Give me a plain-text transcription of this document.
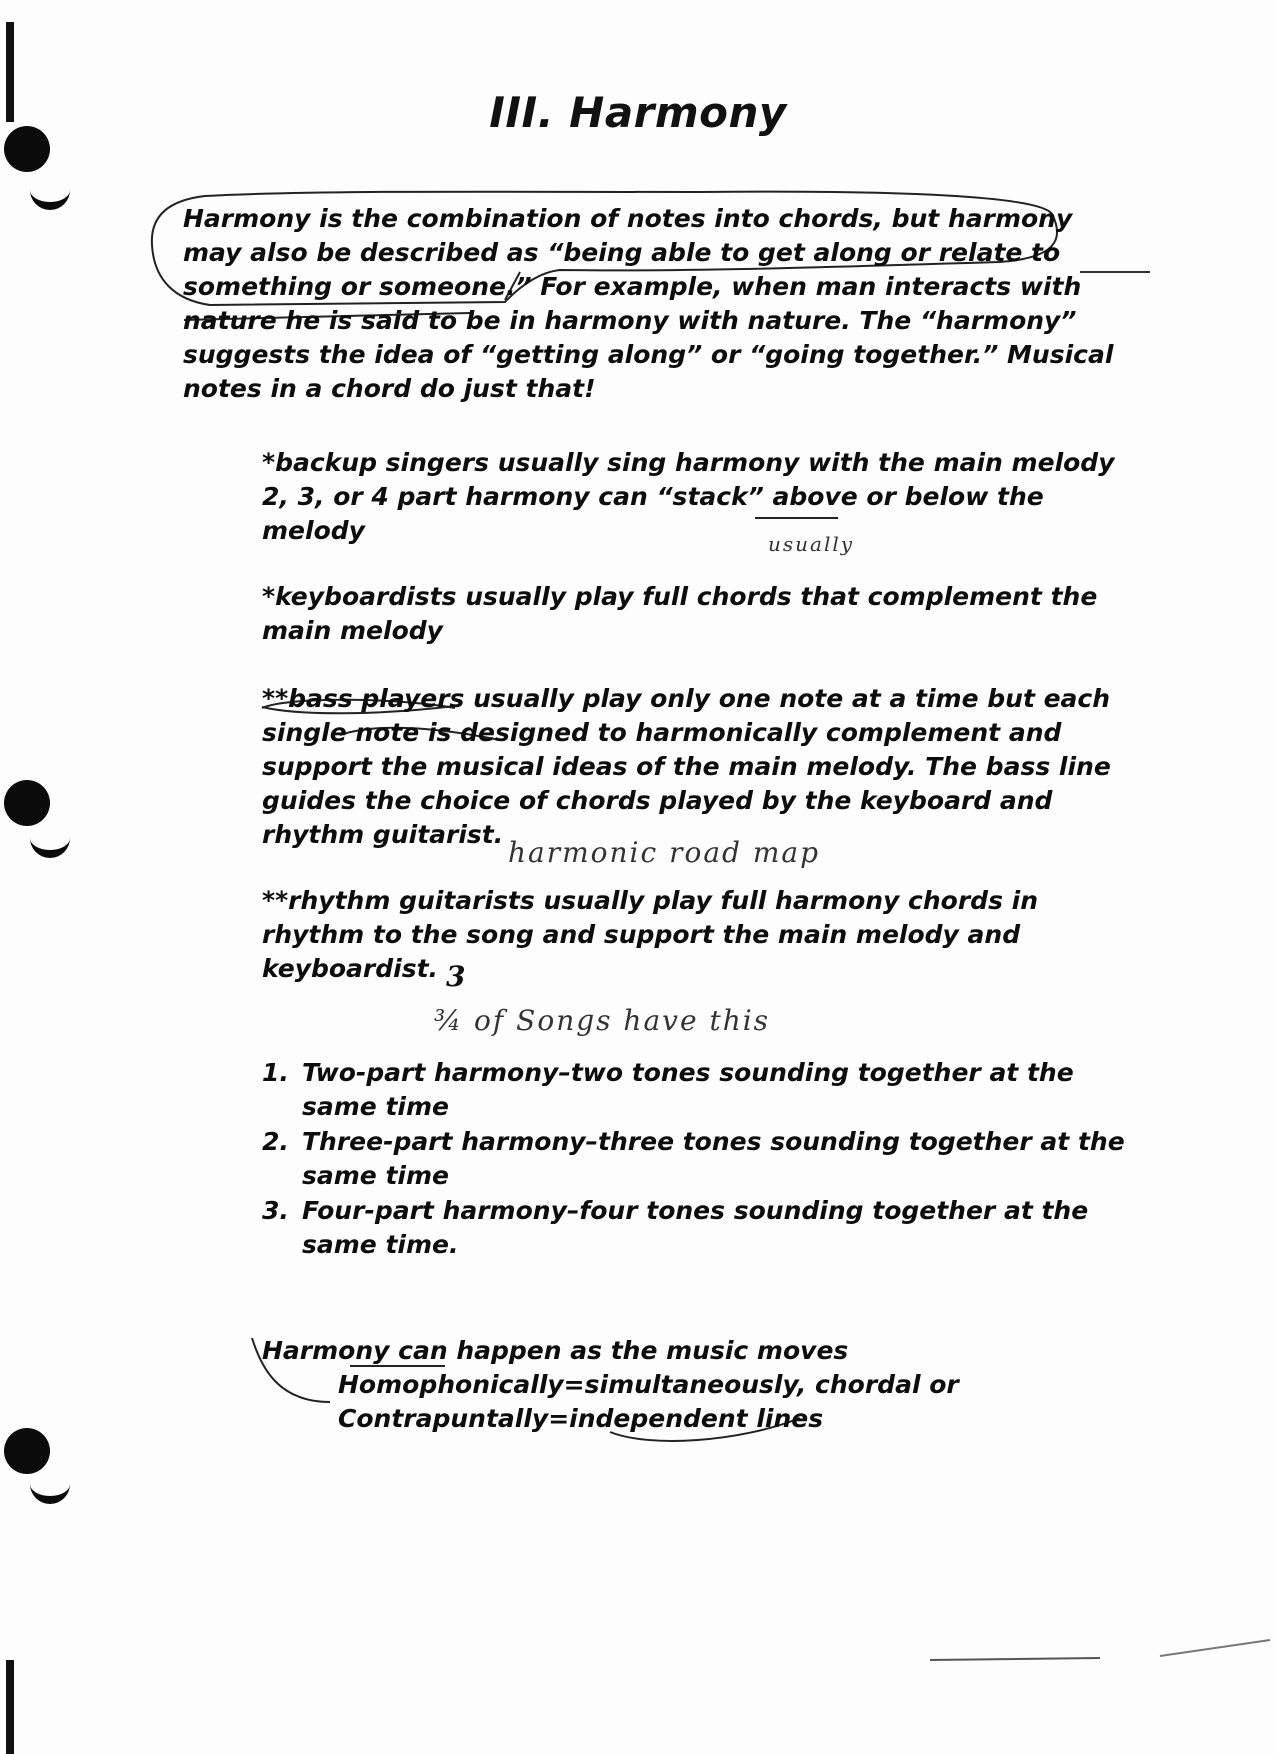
III. Harmony
Harmony is the combination of notes into chords, but harmony
may also be described as “being able to get along or relate to
something or someone.” For example, when man interacts with
nature he is said to be in harmony with nature. The “harmony”
suggests the idea of “getting along” or “going together.” Musical
notes in a chord do just that!
*backup singers usually sing harmony with the main melody
2, 3, or 4 part harmony can “stack” above or below the
melody	usually
*keyboardists usually play full chords that complement the
main melody
**bass players usually play only one note at a time but each
single note is designed to harmonically complement and
support the musical ideas of the main melody. The bass line
guides the choice of chords played by the keyboard and
rhythm guitarist.
harmonic road map
**rhythm guitarists usually play full harmony chords in
rhythm to the song and support the main melody and
keyboardist. 3
¾ of Songs have this
1. Two-part harmony–two tones sounding together at the
same time
2. Three-part harmony–three tones sounding together at the
same time
3. Four-part harmony–four tones sounding together at the
same time.
Harmony can happen as the music moves
Homophonically=simultaneously, chordal or
Contrapuntally=independent lines
